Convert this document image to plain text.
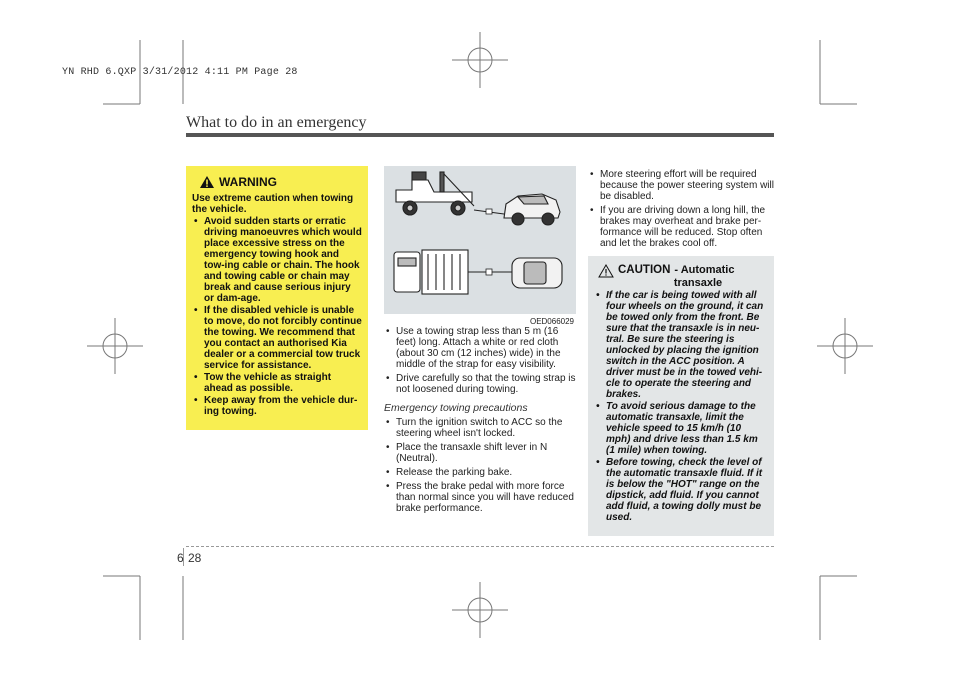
YN RHD 6.QXP 3/31/2012 4:11 PM Page 28
What to do in an emergency
WARNING
Use extreme caution when towing the vehicle.
• Avoid sudden starts or erratic driving manoeuvres which would place excessive stress on the emergency towing hook and tow-ing cable or chain. The hook and towing cable or chain may break and cause serious injury or dam-age.
• If the disabled vehicle is unable to move, do not forcibly continue the towing. We recommend that you contact an authorised Kia dealer or a commercial tow truck service for assistance.
• Tow the vehicle as straight ahead as possible.
• Keep away from the vehicle dur-ing towing.
OED066029
• Use a towing strap less than 5 m (16 feet) long. Attach a white or red cloth (about 30 cm (12 inches) wide) in the middle of the strap for easy visibility.
• Drive carefully so that the towing strap is not loosened during towing.
Emergency towing precautions
• Turn the ignition switch to ACC so the steering wheel isn't locked.
• Place the transaxle shift lever in N (Neutral).
• Release the parking bake.
• Press the brake pedal with more force than normal since you will have reduced brake performance.
• More steering effort will be required because the power steering system will be disabled.
• If you are driving down a long hill, the brakes may overheat and brake per-formance will be reduced. Stop often and let the brakes cool off.
CAUTION - Automatic
transaxle
• If the car is being towed with all four wheels on the ground, it can be towed only from the front. Be sure that the transaxle is in neu-tral. Be sure the steering is unlocked by placing the ignition switch in the ACC position. A driver must be in the towed vehi-cle to operate the steering and brakes.
• To avoid serious damage to the automatic transaxle, limit the vehicle speed to 15 km/h (10 mph) and drive less than 1.5 km (1 mile) when towing.
• Before towing, check the level of the automatic transaxle fluid. If it is below the "HOT" range on the dipstick, add fluid. If you cannot add fluid, a towing dolly must be used.
6 28
